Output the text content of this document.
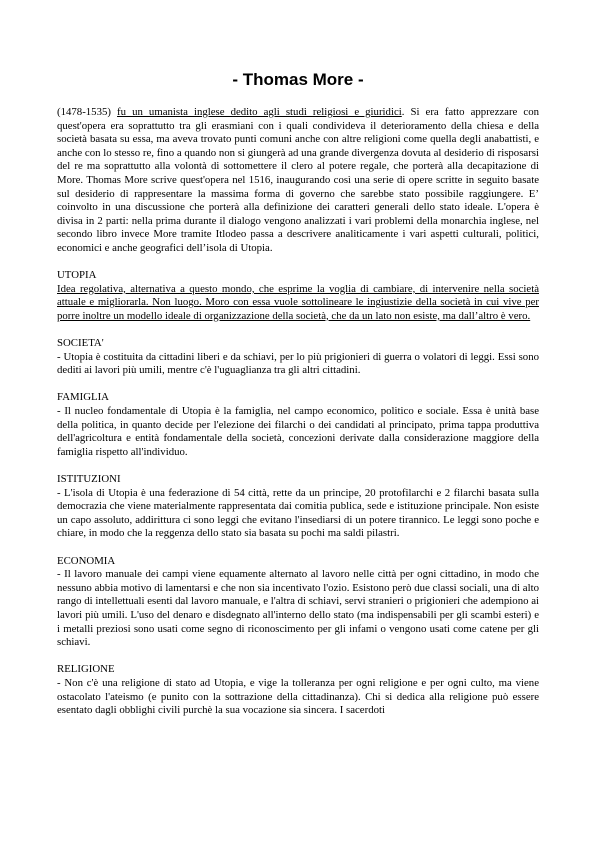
- Thomas More -

(1478-1535) fu un umanista inglese dedito agli studi religiosi e giuridici. Si era fatto apprezzare con quest'opera era soprattutto tra gli erasmiani con i quali condivideva il deterioramento della chiesa e della società basata su essa, ma aveva trovato punti comuni anche con altre religioni come quella degli anabattisti, e anche con lo stesso re, fino a quando non si giungerà ad una grande divergenza dovuta al desiderio di risposarsi del re ma soprattutto alla volontà di sottomettere il clero al potere regale, che porterà alla decapitazione di More. Thomas More scrive quest'opera nel 1516, inaugurando così una serie di opere scritte in seguito basate sul desiderio di rappresentare la massima forma di governo che sarebbe stato possibile raggiungere. E’ coinvolto in una discussione che porterà alla definizione dei caratteri generali dello stato ideale. L'opera è divisa in 2 parti: nella prima durante il dialogo vengono analizzati i vari problemi della monarchia inglese, nel secondo libro invece More tramite Itlodeo passa a descrivere analiticamente i vari aspetti culturali, politici, economici e anche geografici dell’isola di Utopia.

UTOPIA

Idea regolativa, alternativa a questo mondo, che esprime la voglia di cambiare, di intervenire nella società attuale e migliorarla. Non luogo. Moro con essa vuole sottolineare le ingiustizie della società in cui vive per porre inoltre un modello ideale di organizzazione della società, che da un lato non esiste, ma dall’altro è vero.

SOCIETA'

- Utopia è costituita da cittadini liberi e da schiavi, per lo più prigionieri di guerra o volatori di leggi. Essi sono dediti ai lavori più umili, mentre c'è l'uguaglianza tra gli altri cittadini.

FAMIGLIA

- Il nucleo fondamentale di Utopia è la famiglia, nel campo economico, politico e sociale. Essa è unità base della politica, in quanto decide per l'elezione dei filarchi o dei candidati al principato, prima tappa produttiva dell'agricoltura e entità fondamentale della società, concezioni derivate dalla considerazione maggiore della famiglia rispetto all'individuo.

ISTITUZIONI

- L'isola di Utopia è una federazione di 54 città, rette da un principe, 20 protofilarchi e 2 filarchi basata sulla democrazia che viene materialmente rappresentata dai comitia publica, sede e istituzione principale. Non esiste un capo assoluto, addirittura ci sono leggi che evitano l'insediarsi di un potere tirannico. Le leggi sono poche e chiare, in modo che la reggenza dello stato sia basata su pochi ma saldi pilastri.

ECONOMIA

- Il lavoro manuale dei campi viene equamente alternato al lavoro nelle città per ogni cittadino, in modo che nessuno abbia motivo di lamentarsi e che non sia incentivato l'ozio. Esistono però due classi sociali, una di alto rango di intellettuali esenti dal lavoro manuale, e l'altra di schiavi, servi stranieri o prigionieri che adempiono ai lavori più umili. L'uso del denaro e disdegnato all'interno dello stato (ma indispensabili per gli scambi esteri) e i metalli preziosi sono usati come segno di riconoscimento per gli infami o vengono usati come catene per gli schiavi.

RELIGIONE

- Non c'è una religione di stato ad Utopia, e vige la tolleranza per ogni religione e per ogni culto, ma viene ostacolato l'ateismo (e punito con la sottrazione della cittadinanza). Chi si dedica alla religione può essere esentato dagli obblighi civili purchè la sua vocazione sia sincera. I sacerdoti
